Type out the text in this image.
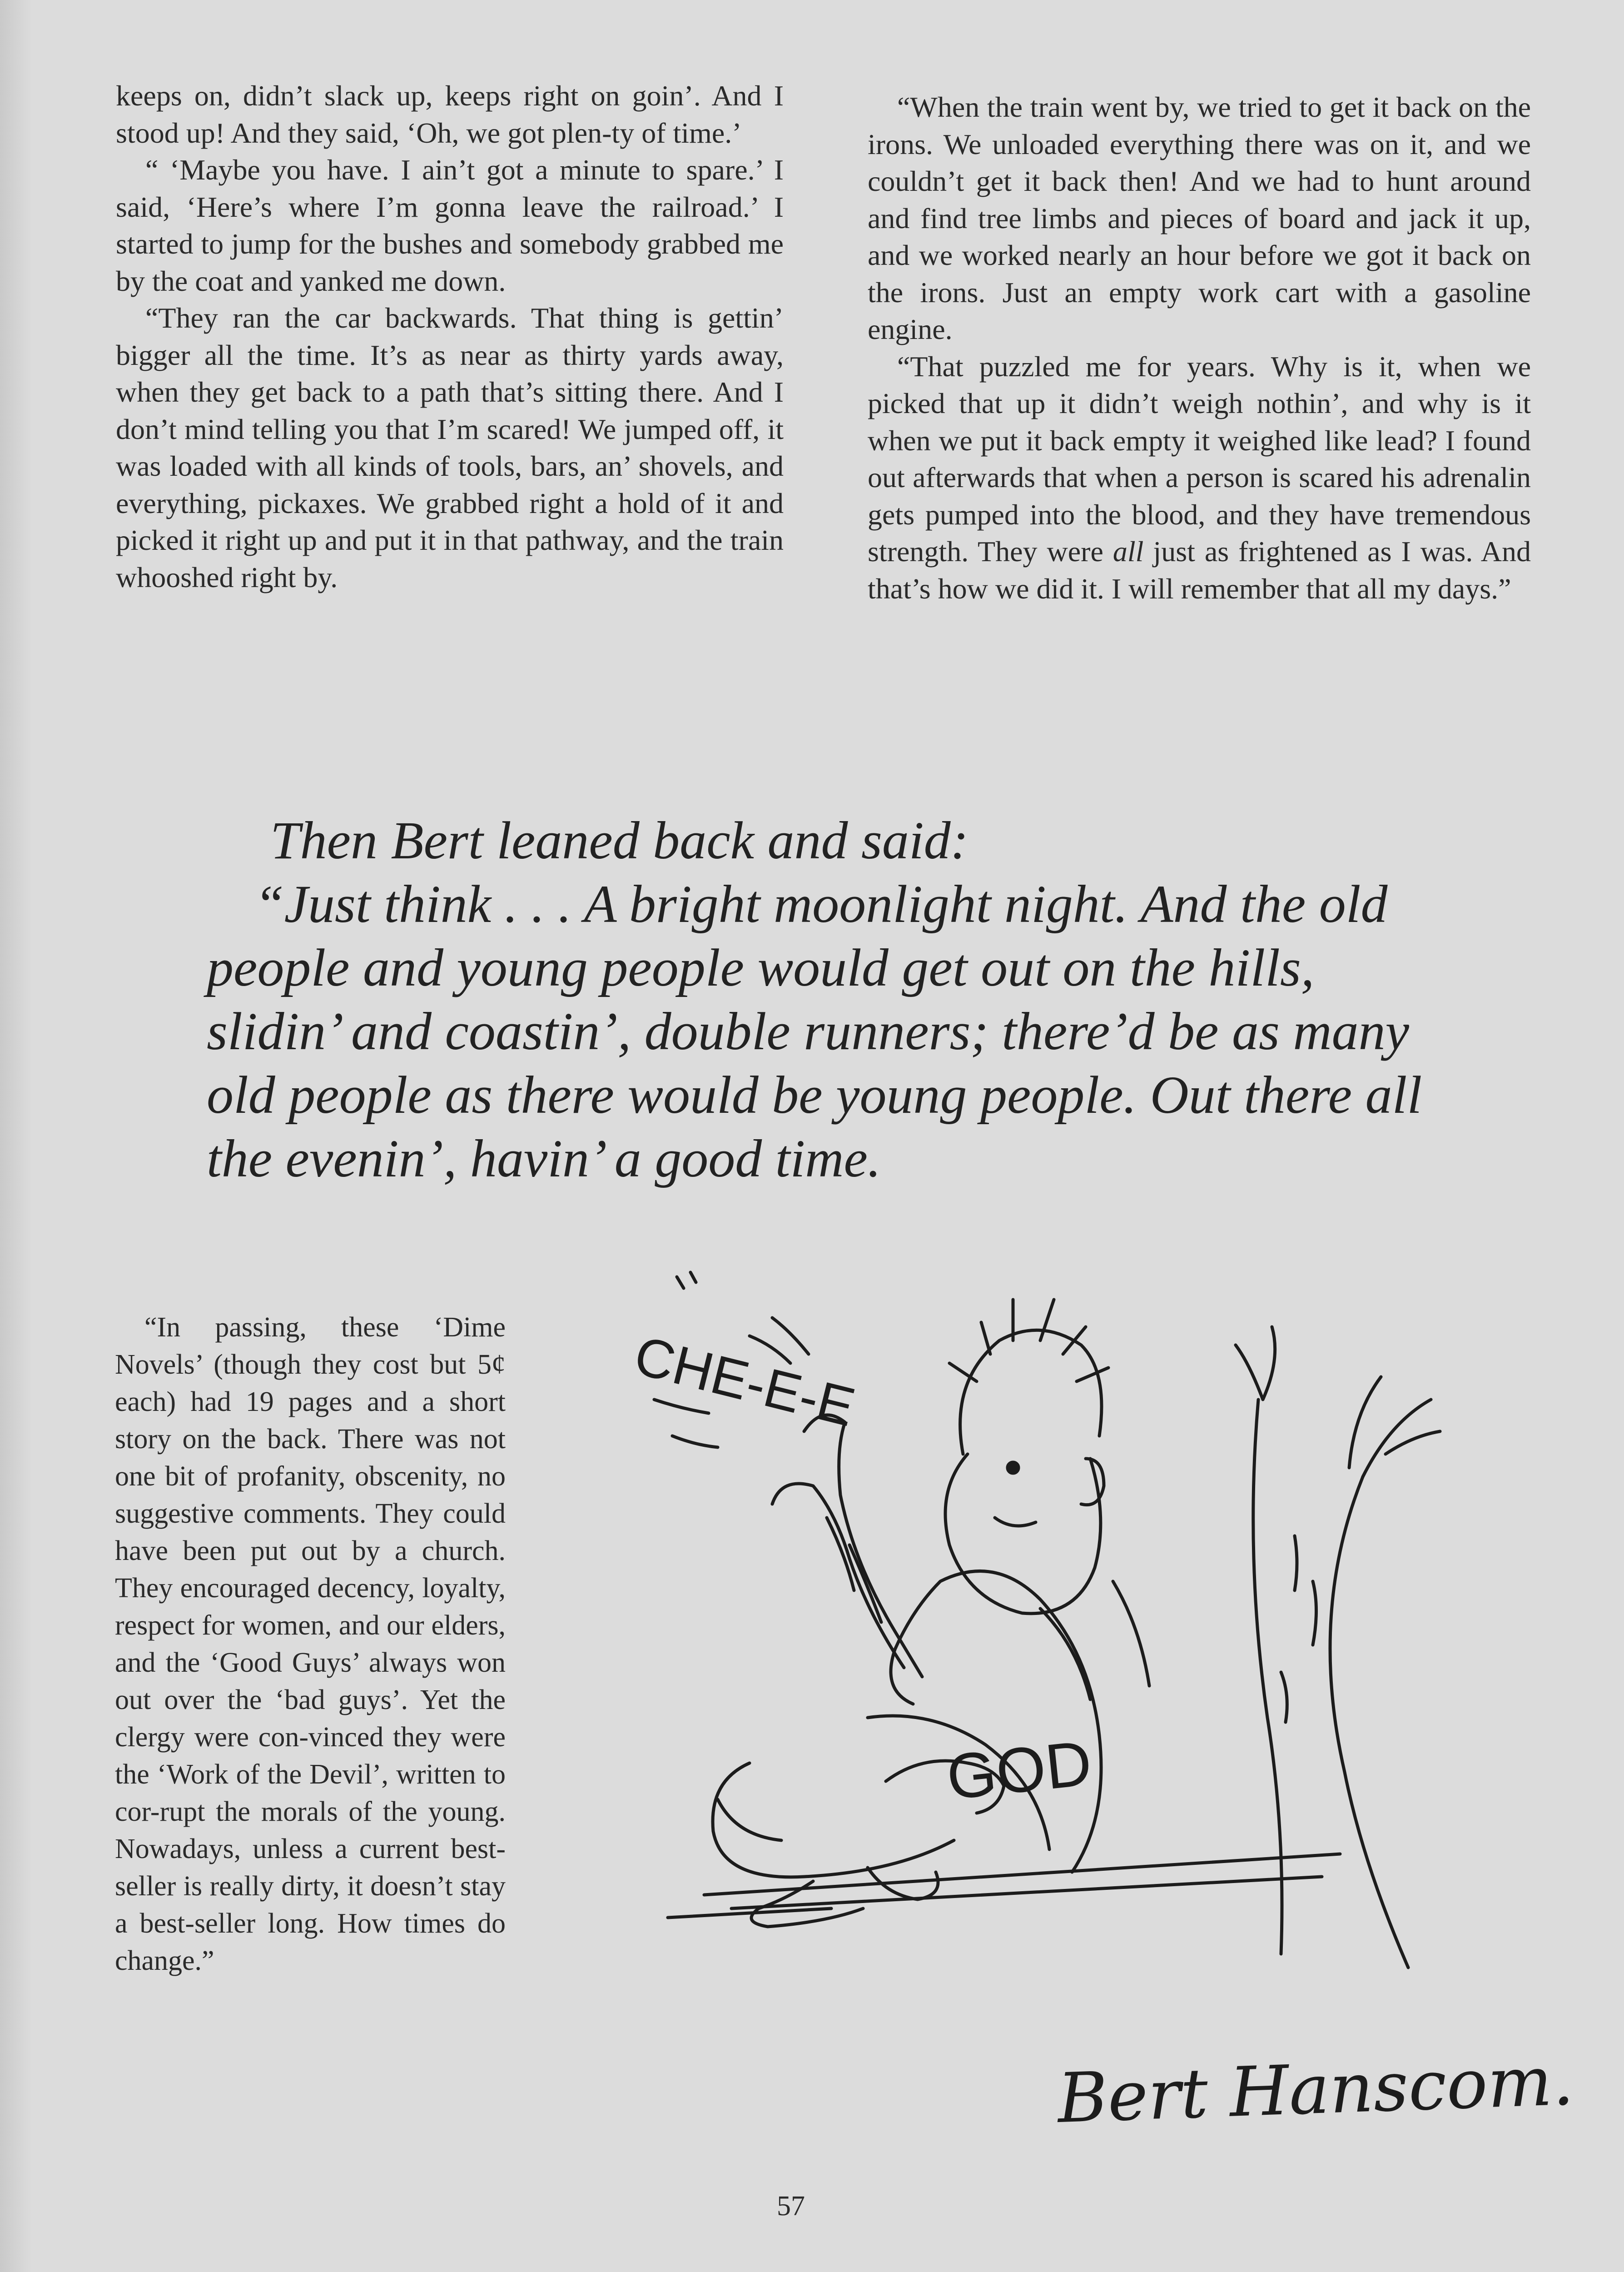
keeps on, didn’t slack up, keeps right on goin’. And I stood up! And they said, ‘Oh, we got plen-ty of time.’

“ ‘Maybe you have. I ain’t got a minute to spare.’ I said, ‘Here’s where I’m gonna leave the railroad.’ I started to jump for the bushes and somebody grabbed me by the coat and yanked me down.

“They ran the car backwards. That thing is gettin’ bigger all the time. It’s as near as thirty yards away, when they get back to a path that’s sitting there. And I don’t mind telling you that I’m scared! We jumped off, it was loaded with all kinds of tools, bars, an’ shovels, and everything, pickaxes. We grabbed right a hold of it and picked it right up and put it in that pathway, and the train whooshed right by.

“When the train went by, we tried to get it back on the irons. We unloaded everything there was on it, and we couldn’t get it back then! And we had to hunt around and find tree limbs and pieces of board and jack it up, and we worked nearly an hour before we got it back on the irons. Just an empty work cart with a gasoline engine.

“That puzzled me for years. Why is it, when we picked that up it didn’t weigh nothin’, and why is it when we put it back empty it weighed like lead? I found out afterwards that when a person is scared his adrenalin gets pumped into the blood, and they have tremendous strength. They were all just as frightened as I was. And that’s how we did it. I will remember that all my days.”

Then Bert leaned back and said:
“Just think . . . A bright moonlight night. And the old people and young people would get out on the hills, slidin’ and coastin’, double runners; there’d be as many old people as there would be young people. Out there all the evenin’, havin’ a good time.

“In passing, these ‘Dime Novels’ (though they cost but 5¢ each) had 19 pages and a short story on the back. There was not one bit of profanity, obscenity, no suggestive comments. They could have been put out by a church. They encouraged decency, loyalty, respect for women, and our elders, and the ‘Good Guys’ always won out over the ‘bad guys’. Yet the clergy were con-vinced they were the ‘Work of the Devil’, written to cor-rupt the morals of the young. Nowadays, unless a current best-seller is really dirty, it doesn’t stay a best-seller long. How times do change.”

CHE-E-E
GOD
Bert Hanscom.
57
